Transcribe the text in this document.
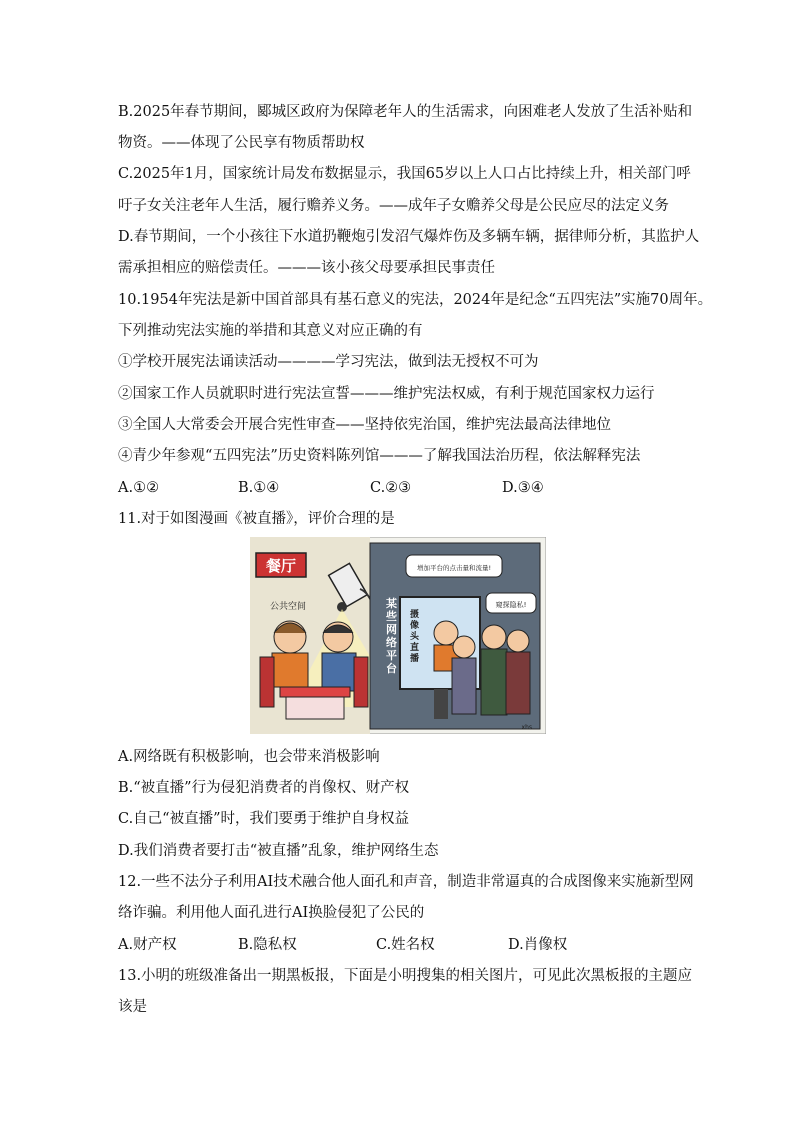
B.2025年春节期间，郾城区政府为保障老年人的生活需求，向困难老人发放了生活补贴和
物资。——体现了公民享有物质帮助权
C.2025年1月，国家统计局发布数据显示，我国65岁以上人口占比持续上升，相关部门呼
吁子女关注老年人生活，履行赡养义务。——成年子女赡养父母是公民应尽的法定义务
D.春节期间，一个小孩往下水道扔鞭炮引发沼气爆炸伤及多辆车辆，据律师分析，其监护人
需承担相应的赔偿责任。———该小孩父母要承担民事责任
10.1954年宪法是新中国首部具有基石意义的宪法，2024年是纪念“五四宪法”实施70周年。
下列推动宪法实施的举措和其意义对应正确的有
①学校开展宪法诵读活动————学习宪法，做到法无授权不可为
②国家工作人员就职时进行宪法宣誓———维护宪法权威，有利于规范国家权力运行
③全国人大常委会开展合宪性审查——坚持依宪治国，维护宪法最高法律地位
④青少年参观“五四宪法”历史资料陈列馆———了解我国法治历程，依法解释宪法
A.①②	B.①④	C.②③	D.③④
11.对于如图漫画《被直播》，评价合理的是
餐厅
公共空间	某些网络平台
摄像头直播
增加平台的点击量和流量!
窥探隐私!
xhs
A.网络既有积极影响，也会带来消极影响
B.“被直播”行为侵犯消费者的肖像权、财产权
C.自己“被直播”时，我们要勇于维护自身权益
D.我们消费者要打击“被直播”乱象，维护网络生态
12.一些不法分子利用AI技术融合他人面孔和声音，制造非常逼真的合成图像来实施新型网
络诈骗。利用他人面孔进行AI换脸侵犯了公民的
A.财产权	B.隐私权	C.姓名权	D.肖像权
13.小明的班级准备出一期黑板报，下面是小明搜集的相关图片，可见此次黑板报的主题应
该是
